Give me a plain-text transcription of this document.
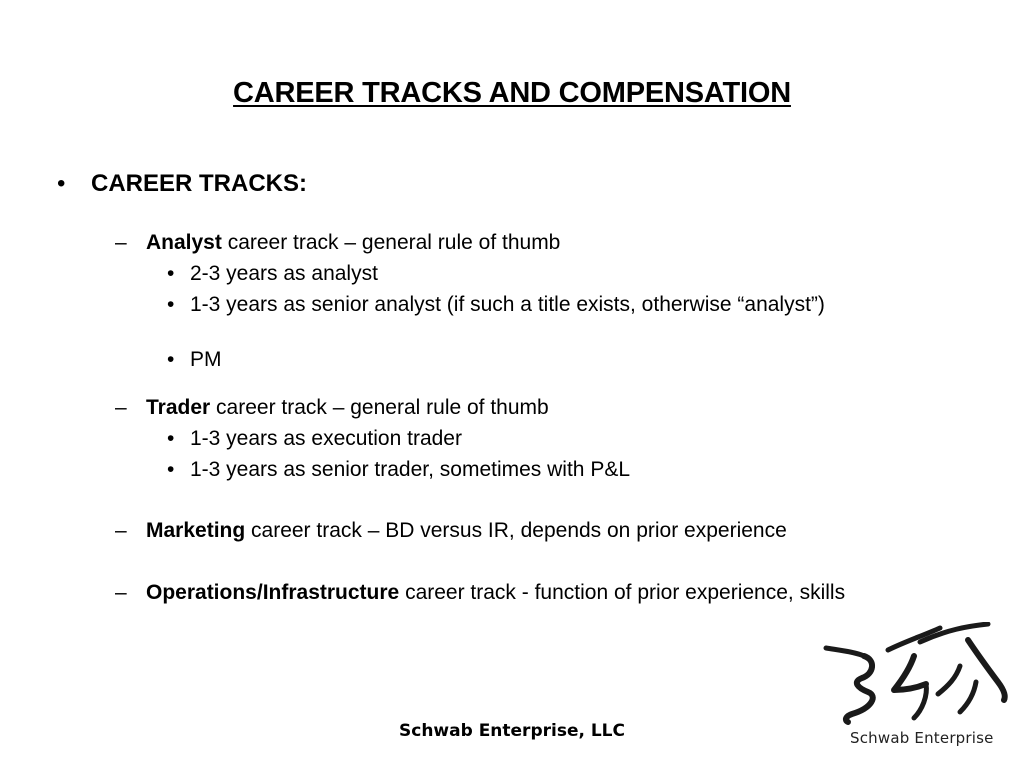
CAREER TRACKS AND COMPENSATION
• CAREER TRACKS:
– Analyst career track – general rule of thumb
• 2-3 years as analyst
• 1-3 years as senior analyst (if such a title exists, otherwise “analyst”)
• PM
– Trader career track – general rule of thumb
• 1-3 years as execution trader
• 1-3 years as senior trader, sometimes with P&L
– Marketing career track – BD versus IR, depends on prior experience
– Operations/Infrastructure career track - function of prior experience, skills
Schwab Enterprise, LLC	Schwab Enterprise
